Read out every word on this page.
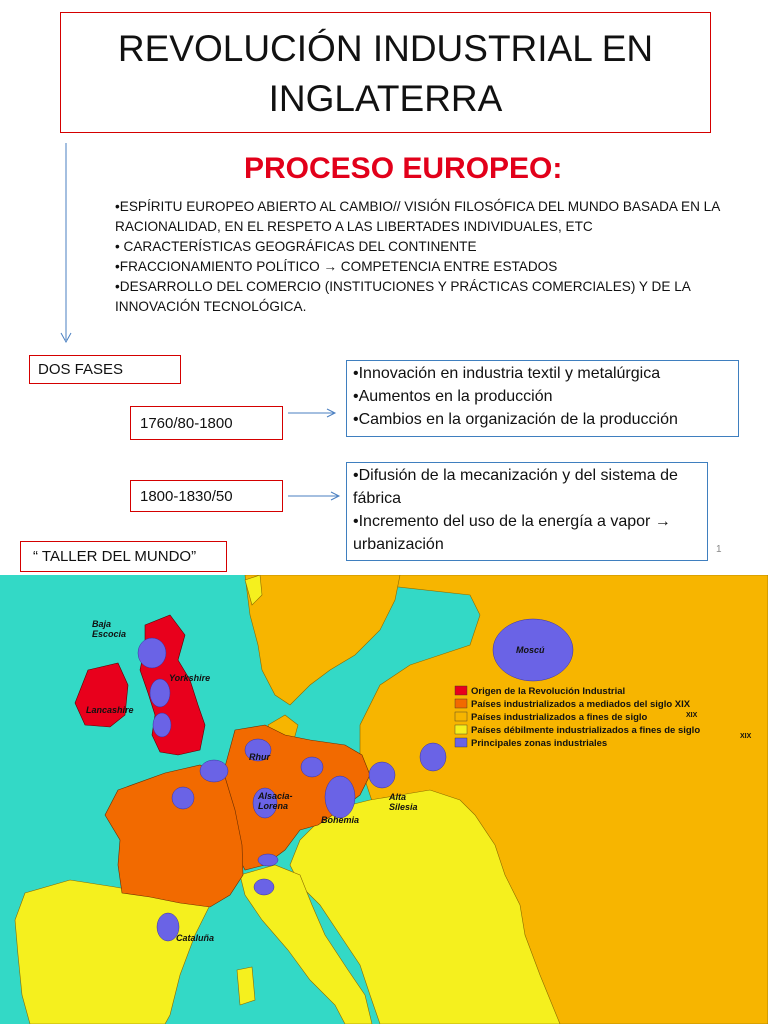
REVOLUCIÓN INDUSTRIAL EN INGLATERRA
PROCESO EUROPEO:

•ESPÍRITU EUROPEO ABIERTO AL CAMBIO// VISIÓN FILOSÓFICA DEL MUNDO BASADA EN LA RACIONALIDAD, EN EL RESPETO A LAS LIBERTADES INDIVIDUALES, ETC

• CARACTERÍSTICAS GEOGRÁFICAS DEL CONTINENTE

•FRACCIONAMIENTO POLÍTICO → COMPETENCIA ENTRE ESTADOS

•DESARROLLO DEL COMERCIO (INSTITUCIONES Y PRÁCTICAS COMERCIALES) Y DE LA INNOVACIÓN TECNOLÓGICA.

DOS FASES
1760/80-1800

•Innovación en industria textil y metalúrgica

•Aumentos en la producción

•Cambios en la organización de la producción

1800-1830/50

•Difusión de la mecanización y del sistema de fábrica

•Incremento del uso de la energía a vapor → urbanización

“ TALLER DEL MUNDO”	1
Baja Escocia
Yorkshire
Lancashire
Rhur
Alsacia-Lorena
Bohemia
Alta Silesia
Moscú
Cataluña
Origen de la Revolución Industrial
Países industrializados a mediados del siglo XIX
Países industrializados a fines de siglo	XIX
Países débilmente industrializados a fines de siglo
XIX
Principales zonas industriales
